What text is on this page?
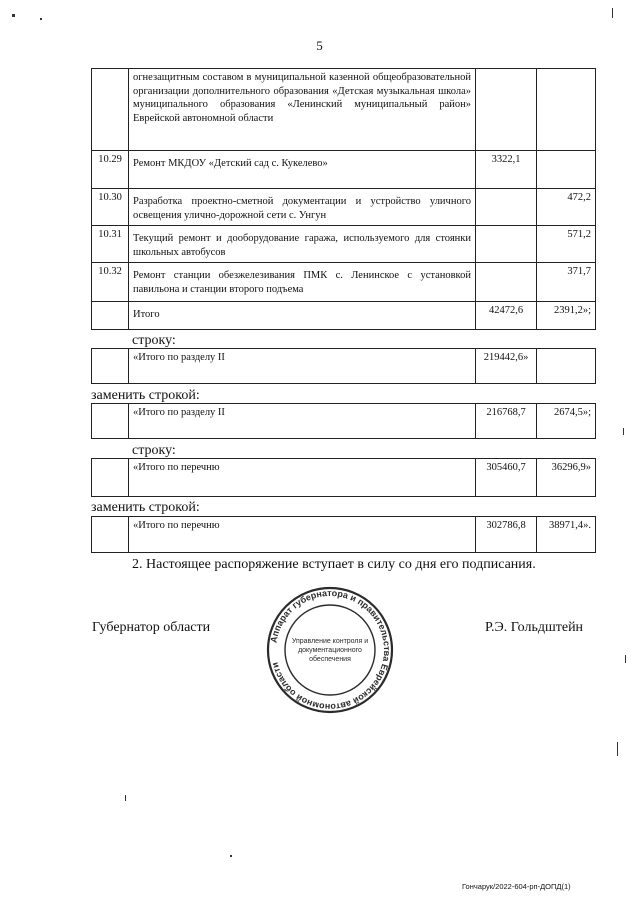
5
	огнезащитным составом в муниципальной казенной общеобразовательной организации дополнительного образования «Детская музыкальная школа» муниципального образования «Ленинский муниципальный район» Еврейской автономной области		
10.29	Ремонт МКДОУ «Детский сад с. Кукелево»	3322,1	
10.30	Разработка проектно-сметной документации и устройство уличного освещения улично-дорожной сети с. Унгун		472,2
10.31	Текущий ремонт и дооборудование гаража, используемого для стоянки школьных автобусов		571,2
10.32	Ремонт станции обезжелезивания ПМК с. Ленинское с установкой павильона и станции второго подъема		371,7
	Итого	42472,6	2391,2»;
строку:
	«Итого по разделу II	219442,6»	
заменить строкой:
	«Итого по разделу II	216768,7	2674,5»;
строку:
	«Итого по перечню	305460,7	36296,9»
заменить строкой:
	«Итого по перечню	302786,8	38971,4».
2. Настоящее распоряжение вступает в силу со дня его подписания.
Губернатор области	Р.Э. Гольдштейн
Аппарат губернатора и правительства Еврейской автономной области
Управление контроля и
документационного
обеспечения
Гончарук/2022-604-рп-ДОПД(1)
